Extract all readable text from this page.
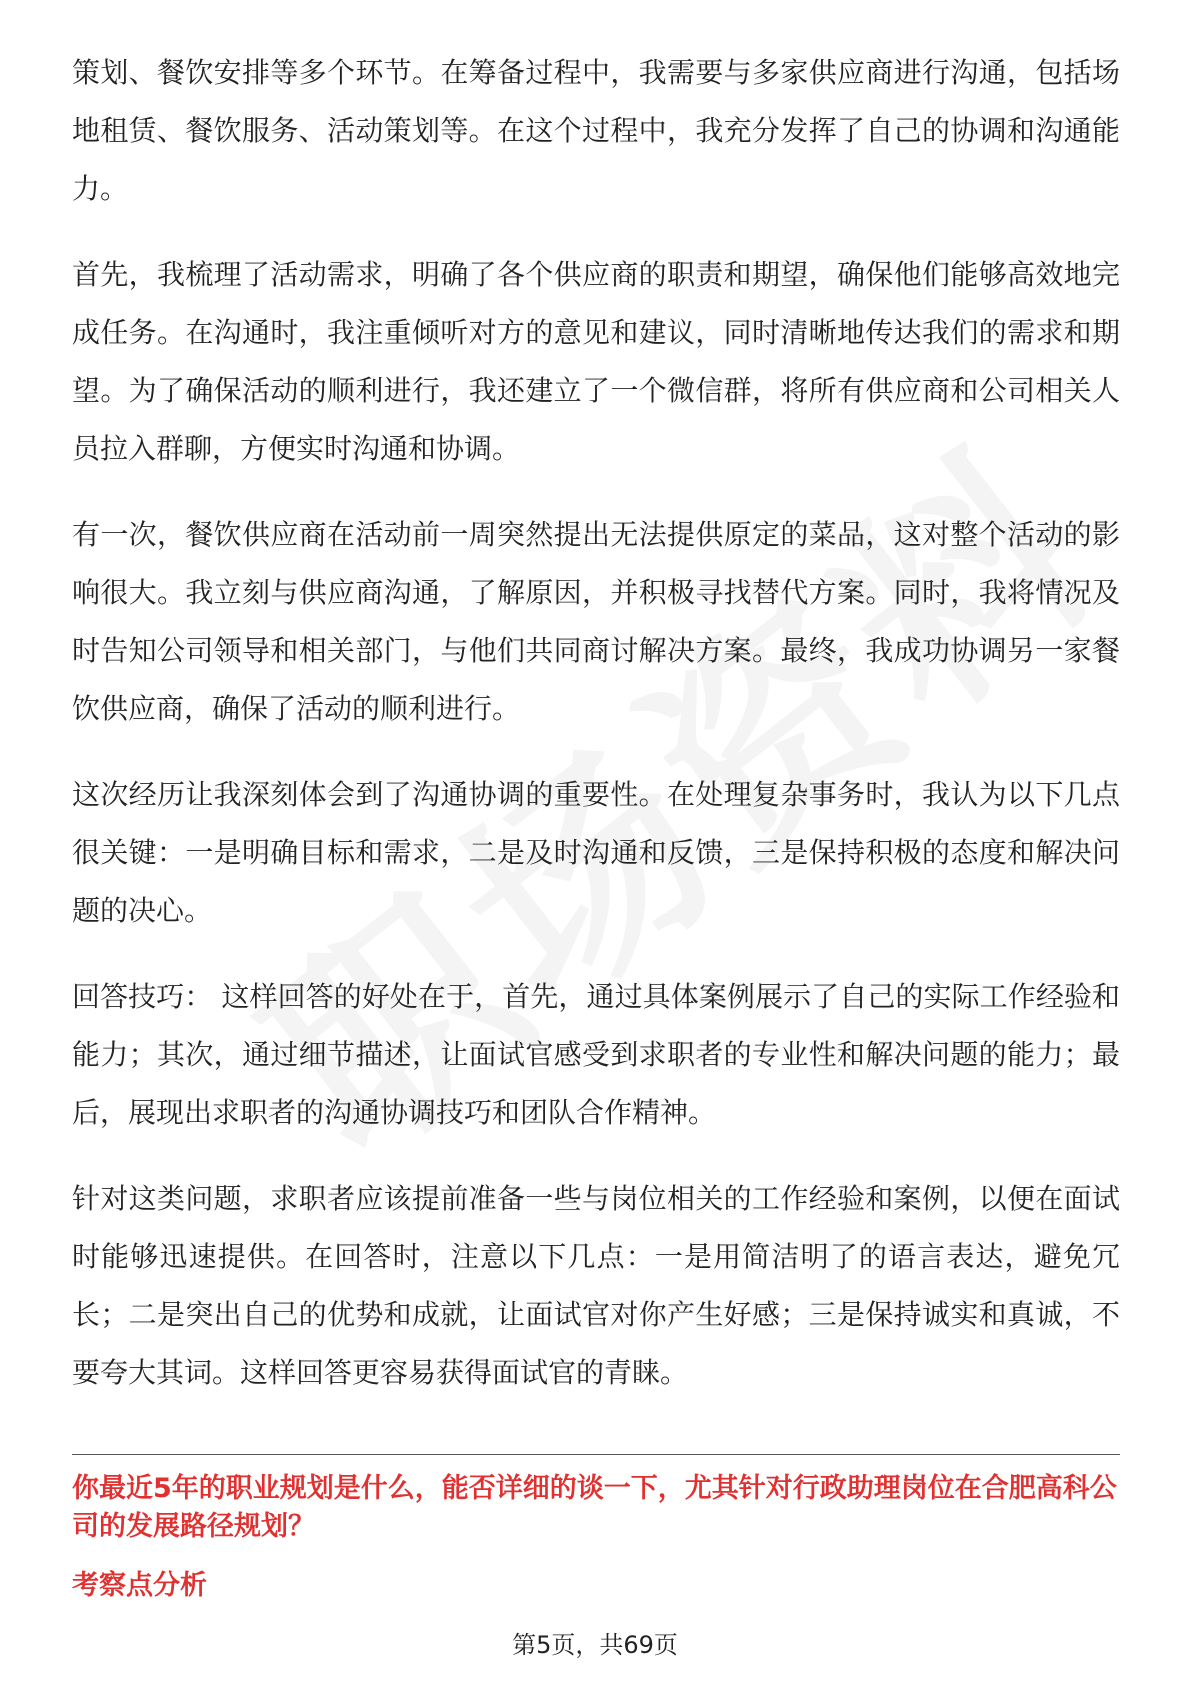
策划、餐饮安排等多个环节。在筹备过程中，我需要与多家供应商进行沟通，包括场地租赁、餐饮服务、活动策划等。在这个过程中，我充分发挥了自己的协调和沟通能力。

首先，我梳理了活动需求，明确了各个供应商的职责和期望，确保他们能够高效地完成任务。在沟通时，我注重倾听对方的意见和建议，同时清晰地传达我们的需求和期望。为了确保活动的顺利进行，我还建立了一个微信群，将所有供应商和公司相关人员拉入群聊，方便实时沟通和协调。

有一次，餐饮供应商在活动前一周突然提出无法提供原定的菜品，这对整个活动的影响很大。我立刻与供应商沟通，了解原因，并积极寻找替代方案。同时，我将情况及时告知公司领导和相关部门，与他们共同商讨解决方案。最终，我成功协调另一家餐饮供应商，确保了活动的顺利进行。

这次经历让我深刻体会到了沟通协调的重要性。在处理复杂事务时，我认为以下几点很关键：一是明确目标和需求，二是及时沟通和反馈，三是保持积极的态度和解决问题的决心。

回答技巧： 这样回答的好处在于，首先，通过具体案例展示了自己的实际工作经验和能力；其次，通过细节描述，让面试官感受到求职者的专业性和解决问题的能力；最后，展现出求职者的沟通协调技巧和团队合作精神。

针对这类问题，求职者应该提前准备一些与岗位相关的工作经验和案例，以便在面试时能够迅速提供。在回答时，注意以下几点：一是用简洁明了的语言表达，避免冗长；二是突出自己的优势和成就，让面试官对你产生好感；三是保持诚实和真诚，不要夸大其词。这样回答更容易获得面试官的青睐。

你最近5年的职业规划是什么，能否详细的谈一下，尤其针对行政助理岗位在合肥高科公司的发展路径规划？
考察点分析
第5页，共69页
